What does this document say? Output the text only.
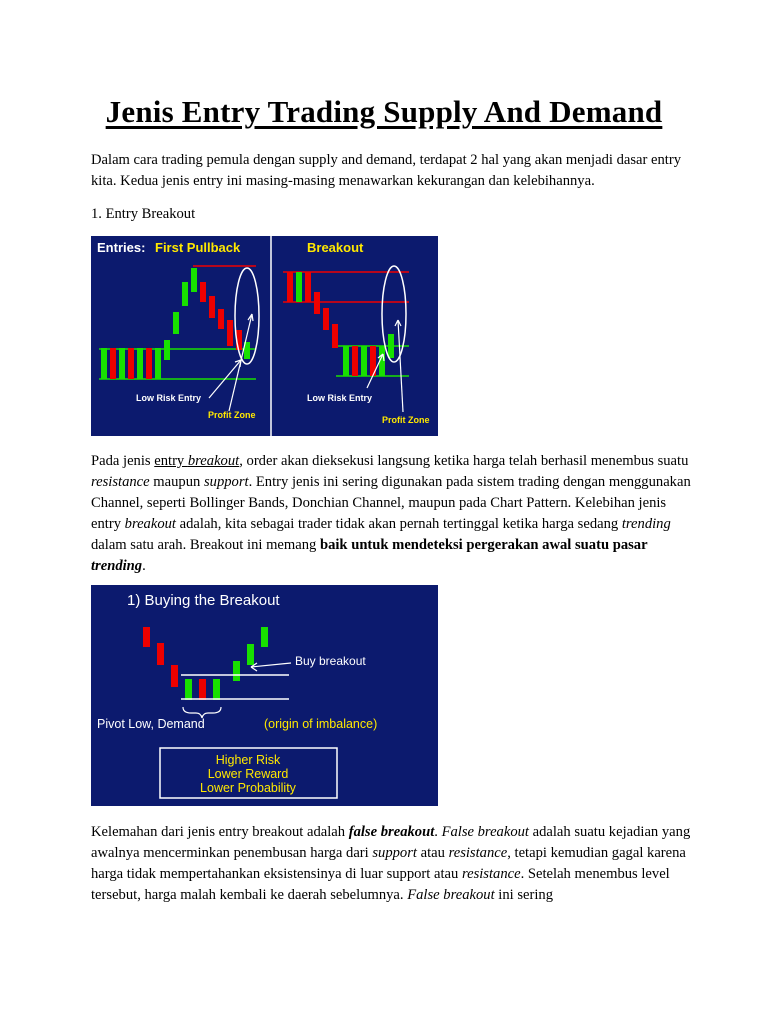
Jenis Entry Trading Supply And Demand

Dalam cara trading pemula dengan supply and demand, terdapat 2 hal yang akan menjadi dasar entry kita. Kedua jenis entry ini masing-masing menawarkan kekurangan dan kelebihannya.

1. Entry Breakout

Entries: First Pullback	Breakout
Low Risk Entry
Profit Zone
Low Risk Entry
Profit Zone

Pada jenis entry breakout, order akan dieksekusi langsung ketika harga telah berhasil menembus suatu resistance maupun support. Entry jenis ini sering digunakan pada sistem trading dengan menggunakan Channel, seperti Bollinger Bands, Donchian Channel, maupun pada Chart Pattern. Kelebihan jenis entry breakout adalah, kita sebagai trader tidak akan pernah tertinggal ketika harga sedang trending dalam satu arah. Breakout ini memang baik untuk mendeteksi pergerakan awal suatu pasar trending.

1) Buying the Breakout
Buy breakout
Pivot Low, Demand	(origin of imbalance)
Higher Risk
Lower Reward
Lower Probability

Kelemahan dari jenis entry breakout adalah false breakout. False breakout adalah suatu kejadian yang awalnya mencerminkan penembusan harga dari support atau resistance, tetapi kemudian gagal karena harga tidak mempertahankan eksistensinya di luar support atau resistance. Setelah menembus level tersebut, harga malah kembali ke daerah sebelumnya. False breakout ini sering
